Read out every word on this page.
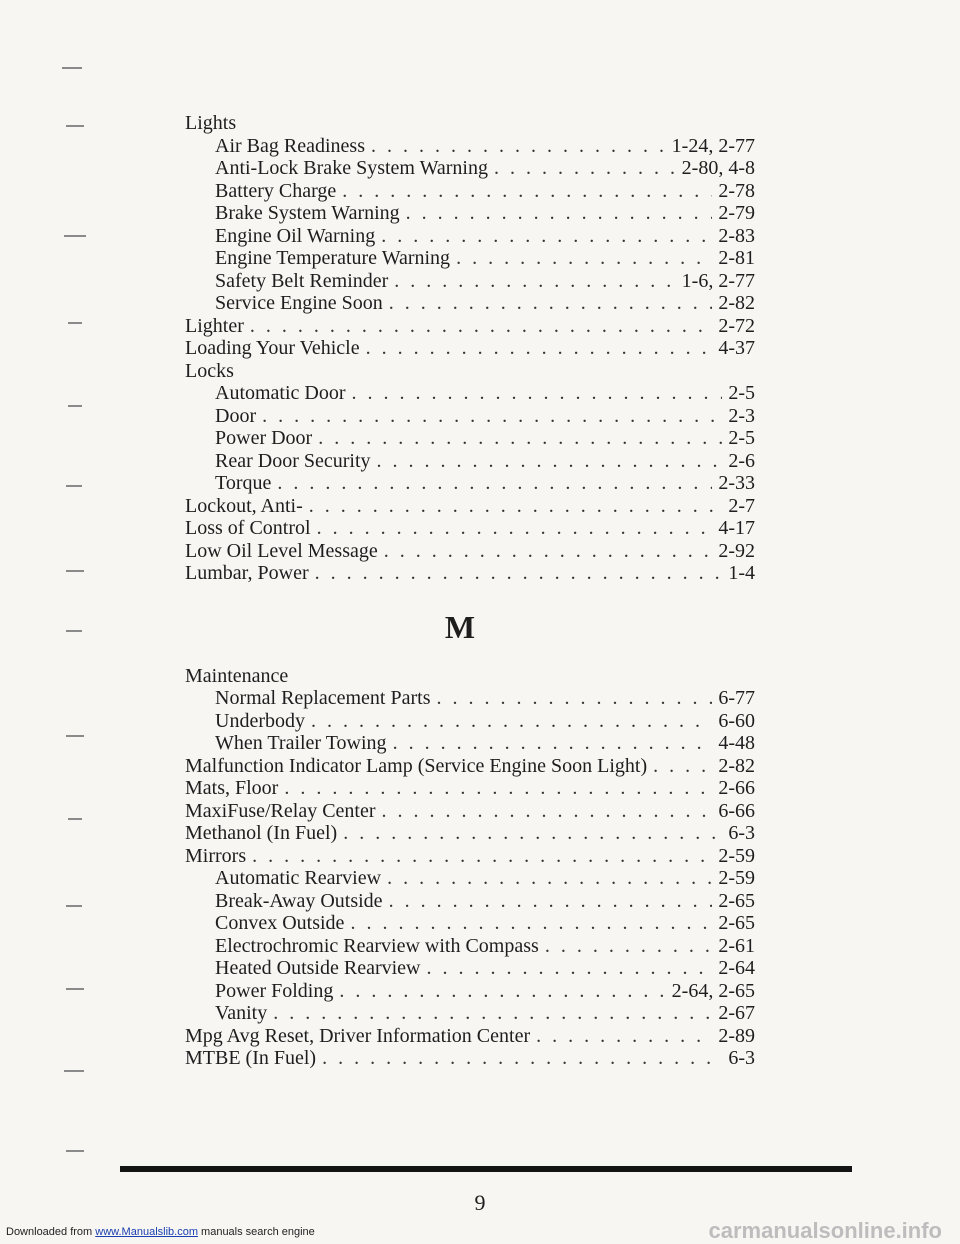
Lights
Air Bag Readiness . . .	1-24, 2-77
Anti-Lock Brake System Warning . . .	2-80, 4-8
Battery Charge . . .	2-78
Brake System Warning . . .	2-79
Engine Oil Warning . . .	2-83
Engine Temperature Warning . . .	2-81
Safety Belt Reminder . . .	1-6, 2-77
Service Engine Soon . . .	2-82
Lighter . . .	2-72
Loading Your Vehicle . . .	4-37
Locks
Automatic Door . . .	2-5
Door . . .	2-3
Power Door . . .	2-5
Rear Door Security . . .	2-6
Torque . . .	2-33
Lockout, Anti- . . .	2-7
Loss of Control . . .	4-17
Low Oil Level Message . . .	2-92
Lumbar, Power . . .	1-4
M
Maintenance
Normal Replacement Parts . . .	6-77
Underbody . . .	6-60
When Trailer Towing . . .	4-48
Malfunction Indicator Lamp (Service Engine Soon Light) . . .	2-82
Mats, Floor . . .	2-66
MaxiFuse/Relay Center . . .	6-66
Methanol (In Fuel) . . .	6-3
Mirrors . . .	2-59
Automatic Rearview . . .	2-59
Break-Away Outside . . .	2-65
Convex Outside . . .	2-65
Electrochromic Rearview with Compass . . .	2-61
Heated Outside Rearview . . .	2-64
Power Folding . . .	2-64, 2-65
Vanity . . .	2-67
Mpg Avg Reset, Driver Information Center . . .	2-89
MTBE (In Fuel) . . .	6-3
9
Downloaded from www.Manualslib.com manuals search engine	carmanualsonline.info
